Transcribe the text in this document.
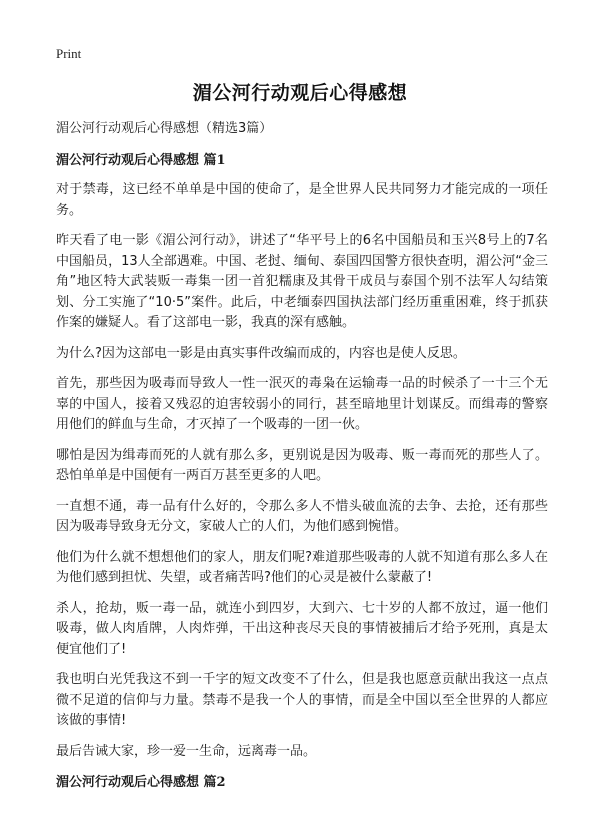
Print
湄公河行动观后心得感想
湄公河行动观后心得感想（精选3篇）
湄公河行动观后心得感想 篇1

对于禁毒，这已经不单单是中国的使命了，是全世界人民共同努力才能完成的一项任务。

昨天看了电一影《湄公河行动》，讲述了“华平号上的6名中国船员和玉兴8号上的7名中国船员，13人全部遇难。中国、老挝、缅甸、泰国四国警方很快查明，湄公河“金三角”地区特大武装贩一毒集一团一首犯糯康及其骨干成员与泰国个别不法军人勾结策划、分工实施了“10·5”案件。此后，中老缅泰四国执法部门经历重重困难，终于抓获作案的嫌疑人。看了这部电一影，我真的深有感触。

为什么?因为这部电一影是由真实事件改编而成的，内容也是使人反思。

首先，那些因为吸毒而导致人一性一泯灭的毒枭在运输毒一品的时候杀了一十三个无辜的中国人，接着又残忍的迫害较弱小的同行，甚至暗地里计划谋反。而缉毒的警察用他们的鲜血与生命，才灭掉了一个吸毒的一团一伙。

哪怕是因为缉毒而死的人就有那么多，更别说是因为吸毒、贩一毒而死的那些人了。恐怕单单是中国便有一两百万甚至更多的人吧。

一直想不通，毒一品有什么好的，令那么多人不惜头破血流的去争、去抢，还有那些因为吸毒导致身无分文，家破人亡的人们，为他们感到惋惜。

他们为什么就不想想他们的家人，朋友们呢?难道那些吸毒的人就不知道有那么多人在为他们感到担忧、失望，或者痛苦吗?他们的心灵是被什么蒙蔽了!

杀人，抢劫，贩一毒一品，就连小到四岁，大到六、七十岁的人都不放过，逼一他们吸毒，做人肉盾牌，人肉炸弹，干出这种丧尽天良的事情被捕后才给予死刑，真是太便宜他们了!

我也明白光凭我这不到一千字的短文改变不了什么，但是我也愿意贡献出我这一点点微不足道的信仰与力量。禁毒不是我一个人的事情，而是全中国以至全世界的人都应该做的事情!

最后告诫大家，珍一爱一生命，远离毒一品。

湄公河行动观后心得感想 篇2
